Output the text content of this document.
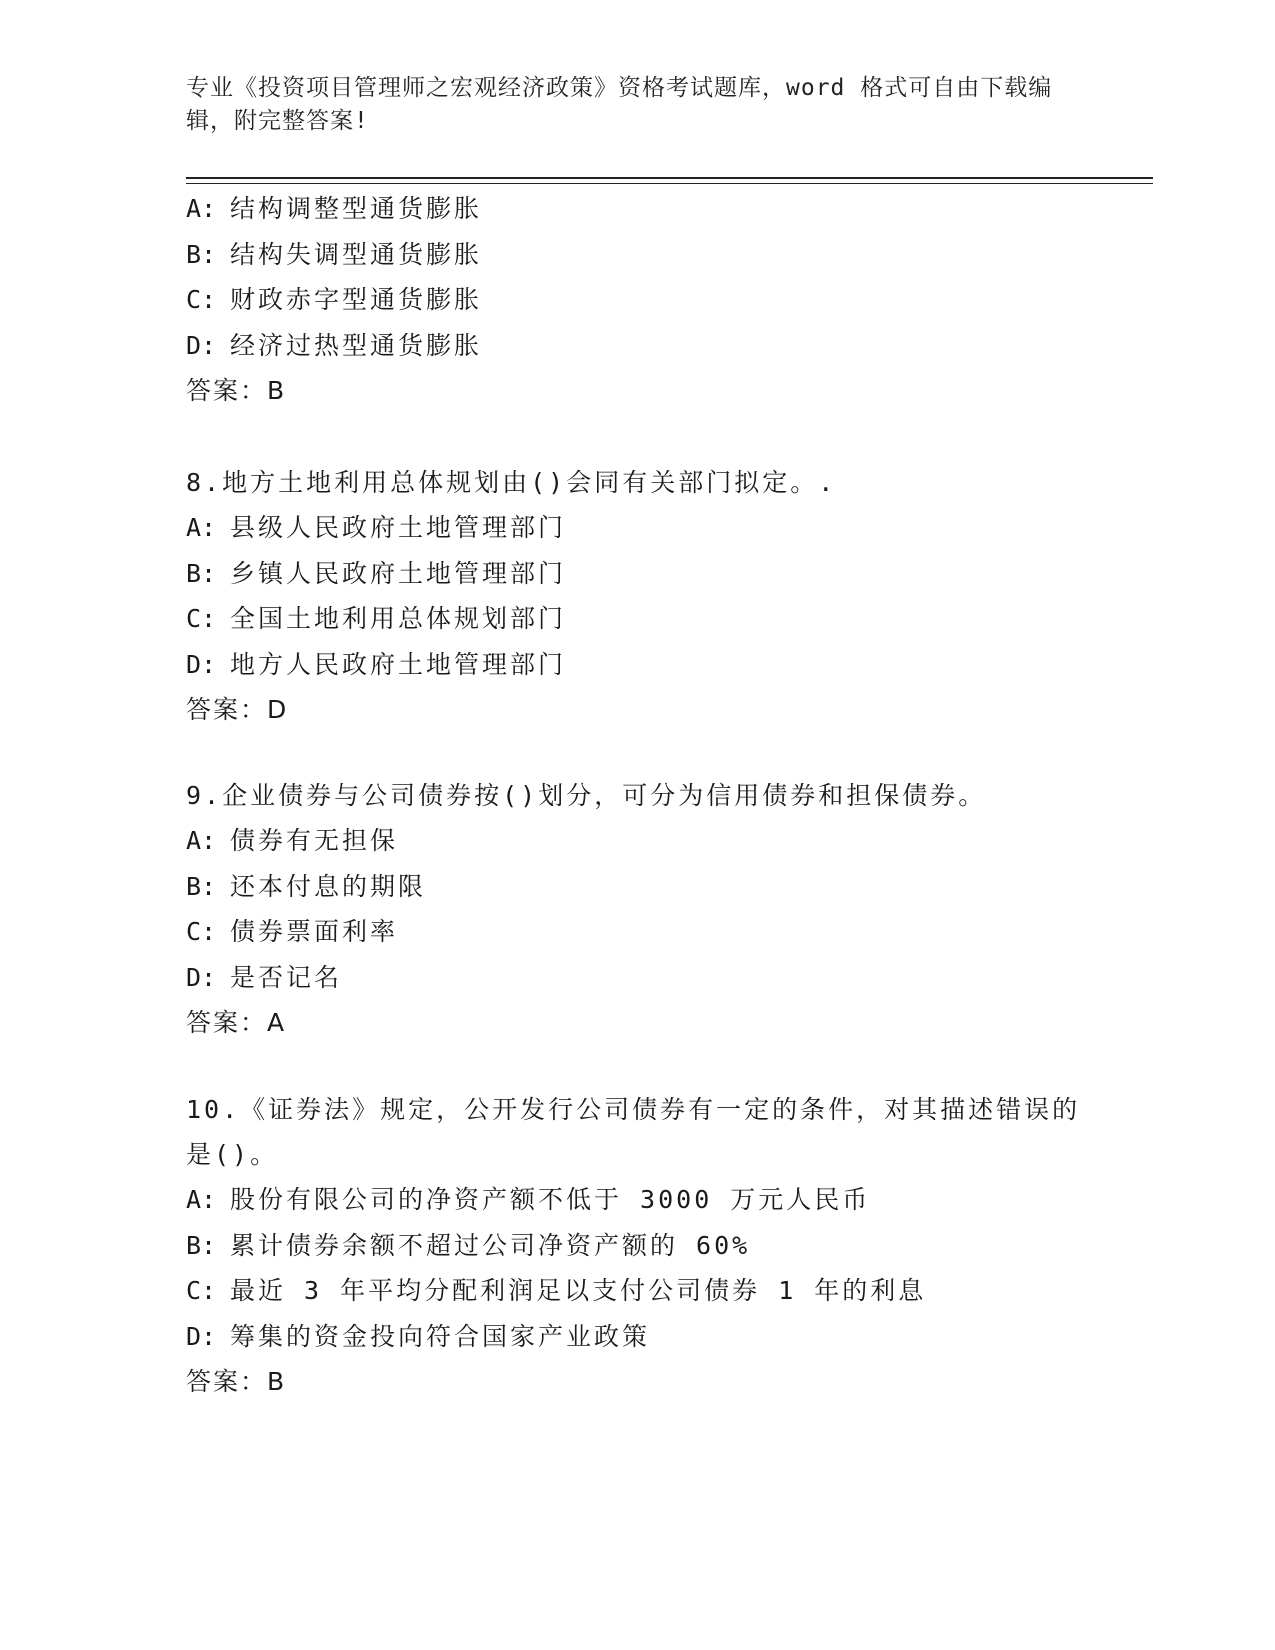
专业《投资项目管理师之宏观经济政策》资格考试题库，word 格式可自由下载编辑，附完整答案!
A: 结构调整型通货膨胀
B: 结构失调型通货膨胀
C: 财政赤字型通货膨胀
D: 经济过热型通货膨胀
答案：B
8.地方土地利用总体规划由()会同有关部门拟定。.
A: 县级人民政府土地管理部门
B: 乡镇人民政府土地管理部门
C: 全国土地利用总体规划部门
D: 地方人民政府土地管理部门
答案：D
9.企业债券与公司债券按()划分，可分为信用债券和担保债券。
A: 债券有无担保
B: 还本付息的期限
C: 债券票面利率
D: 是否记名
答案：A
10.《证券法》规定，公开发行公司债券有一定的条件，对其描述错误的是()。
A: 股份有限公司的净资产额不低于 3000 万元人民币
B: 累计债券余额不超过公司净资产额的 60%
C: 最近 3 年平均分配利润足以支付公司债券 1 年的利息
D: 筹集的资金投向符合国家产业政策
答案：B
